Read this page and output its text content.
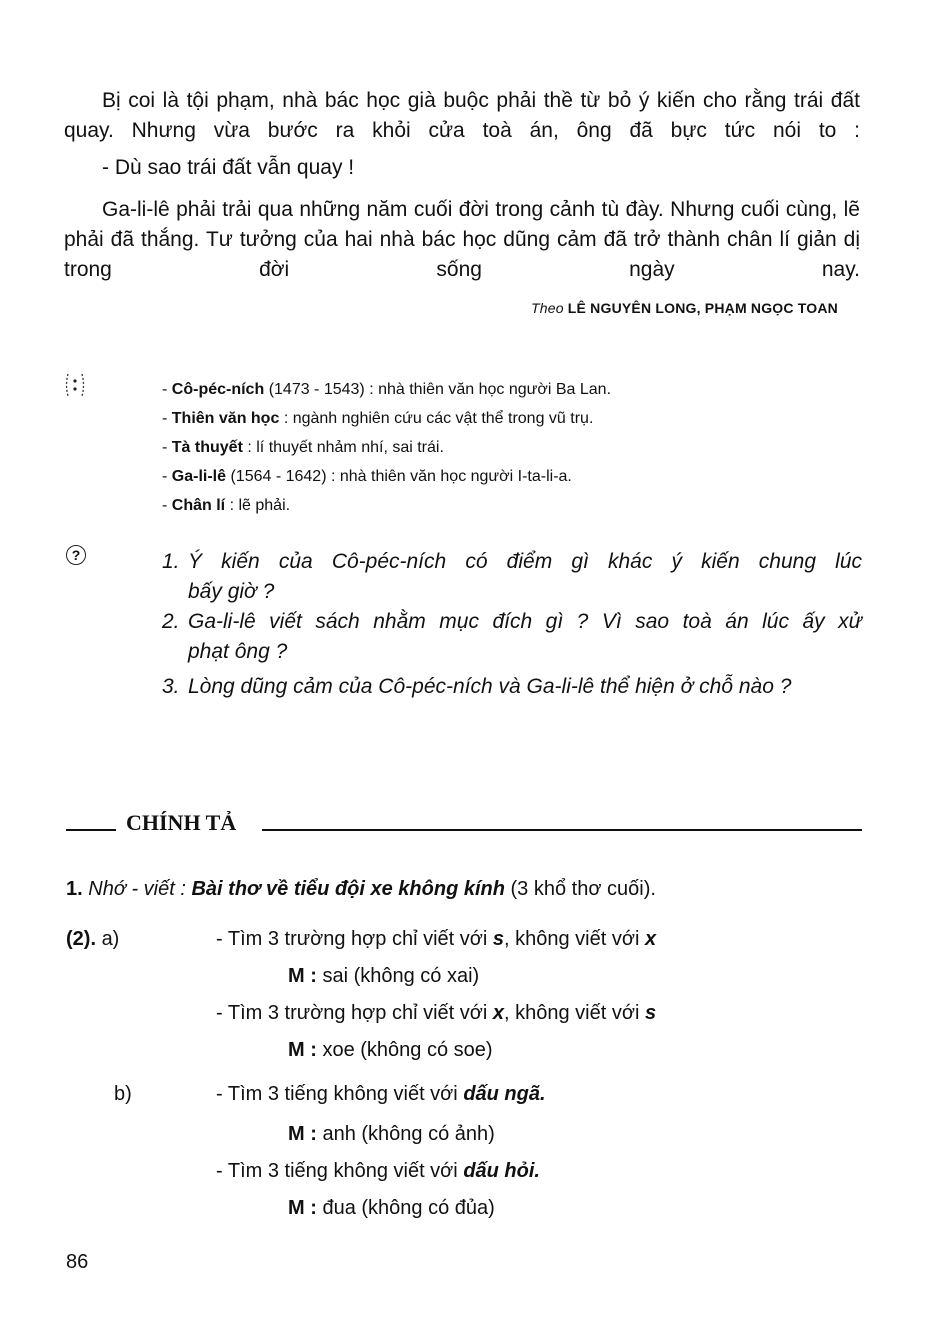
Bị coi là tội phạm, nhà bác học già buộc phải thề từ bỏ ý kiến cho rằng trái đất quay. Nhưng vừa bước ra khỏi cửa toà án, ông đã bực tức nói to :
- Dù sao trái đất vẫn quay !
Ga-li-lê phải trải qua những năm cuối đời trong cảnh tù đày. Nhưng cuối cùng, lẽ phải đã thắng. Tư tưởng của hai nhà bác học dũng cảm đã trở thành chân lí giản dị trong đời sống ngày nay.
Theo LÊ NGUYÊN LONG, PHẠM NGỌC TOAN
- Cô-péc-ních (1473 - 1543) : nhà thiên văn học người Ba Lan.
- Thiên văn học : ngành nghiên cứu các vật thể trong vũ trụ.
- Tà thuyết : lí thuyết nhảm nhí, sai trái.
- Ga-li-lê (1564 - 1642) : nhà thiên văn học người I-ta-li-a.
- Chân lí : lẽ phải.
?	1. Ý kiến của Cô-péc-ních có điểm gì khác ý kiến chung lúc
bấy giờ ?
2. Ga-li-lê viết sách nhằm mục đích gì ? Vì sao toà án lúc ấy xử
phạt ông ?
3. Lòng dũng cảm của Cô-péc-ních và Ga-li-lê thể hiện ở chỗ nào ?
CHÍNH TẢ
1. Nhớ - viết : Bài thơ về tiểu đội xe không kính (3 khổ thơ cuối).
(2). a)	- Tìm 3 trường hợp chỉ viết với s, không viết với x
M : sai (không có xai)
- Tìm 3 trường hợp chỉ viết với x, không viết với s
M : xoe (không có soe)
b)	- Tìm 3 tiếng không viết với dấu ngã.
M : anh (không có ảnh)
- Tìm 3 tiếng không viết với dấu hỏi.
M : đua (không có đủa)
86
